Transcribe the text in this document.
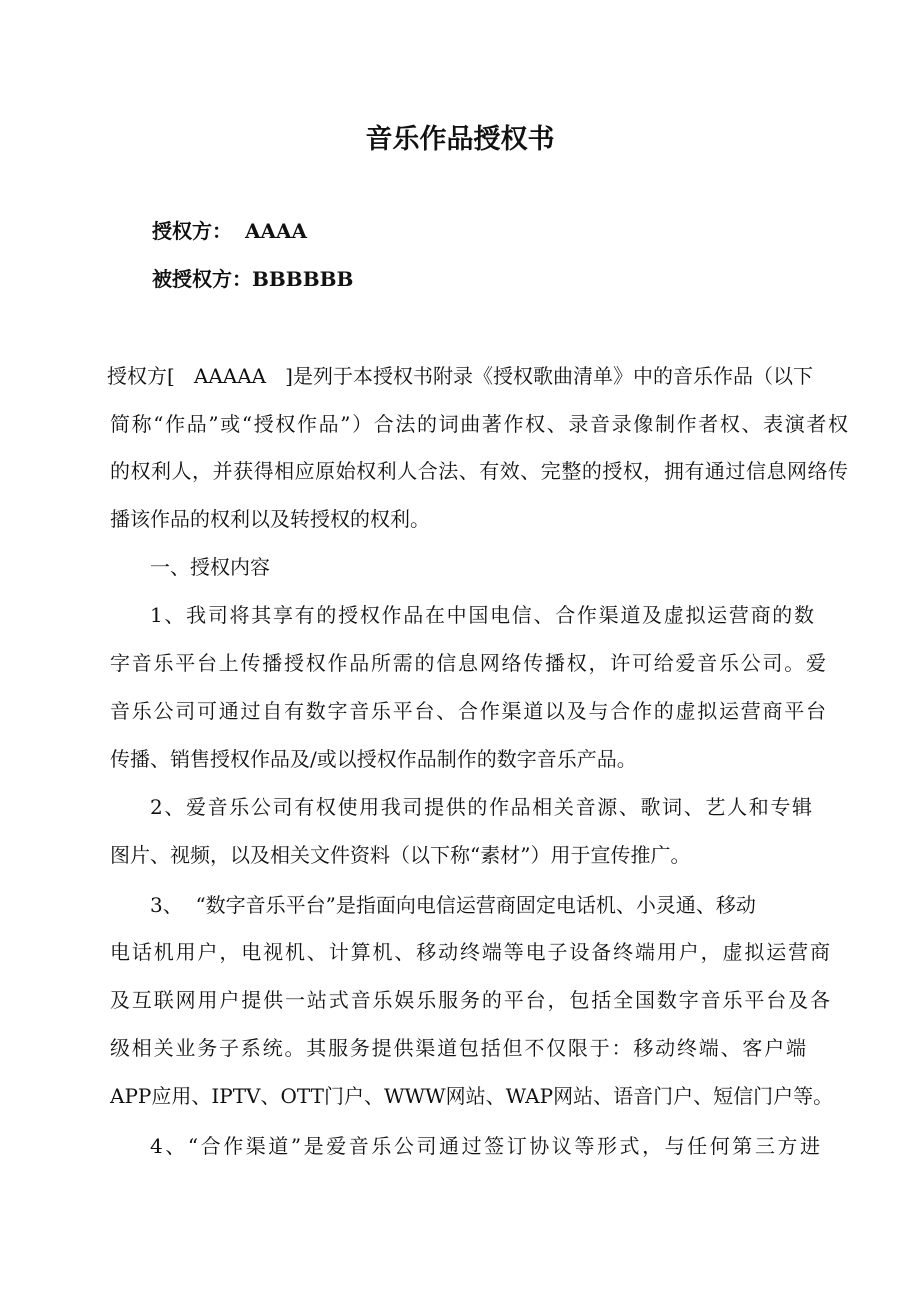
音乐作品授权书
授权方： AAAA
被授权方：BBBBBB
授权方[   AAAAA   ]是列于本授权书附录《授权歌曲清单》中的音乐作品（以下
简称“作品”或“授权作品”）合法的词曲著作权、录音录像制作者权、表演者权
的权利人，并获得相应原始权利人合法、有效、完整的授权，拥有通过信息网络传
播该作品的权利以及转授权的权利。
一、授权内容
1、我司将其享有的授权作品在中国电信、合作渠道及虚拟运营商的数
字音乐平台上传播授权作品所需的信息网络传播权，许可给爱音乐公司。爱
音乐公司可通过自有数字音乐平台、合作渠道以及与合作的虚拟运营商平台
传播、销售授权作品及/或以授权作品制作的数字音乐产品。
2、爱音乐公司有权使用我司提供的作品相关音源、歌词、艺人和专辑
图片、视频，以及相关文件资料（以下称“素材”）用于宣传推广。
3、  “数字音乐平台”是指面向电信运营商固定电话机、小灵通、移动
电话机用户，电视机、计算机、移动终端等电子设备终端用户，虚拟运营商
及互联网用户提供一站式音乐娱乐服务的平台，包括全国数字音乐平台及各
级相关业务子系统。其服务提供渠道包括但不仅限于：移动终端、客户端
APP应用、IPTV、OTT门户、WWW网站、WAP网站、语音门户、短信门户等。
4、“合作渠道”是爱音乐公司通过签订协议等形式，与任何第三方进
